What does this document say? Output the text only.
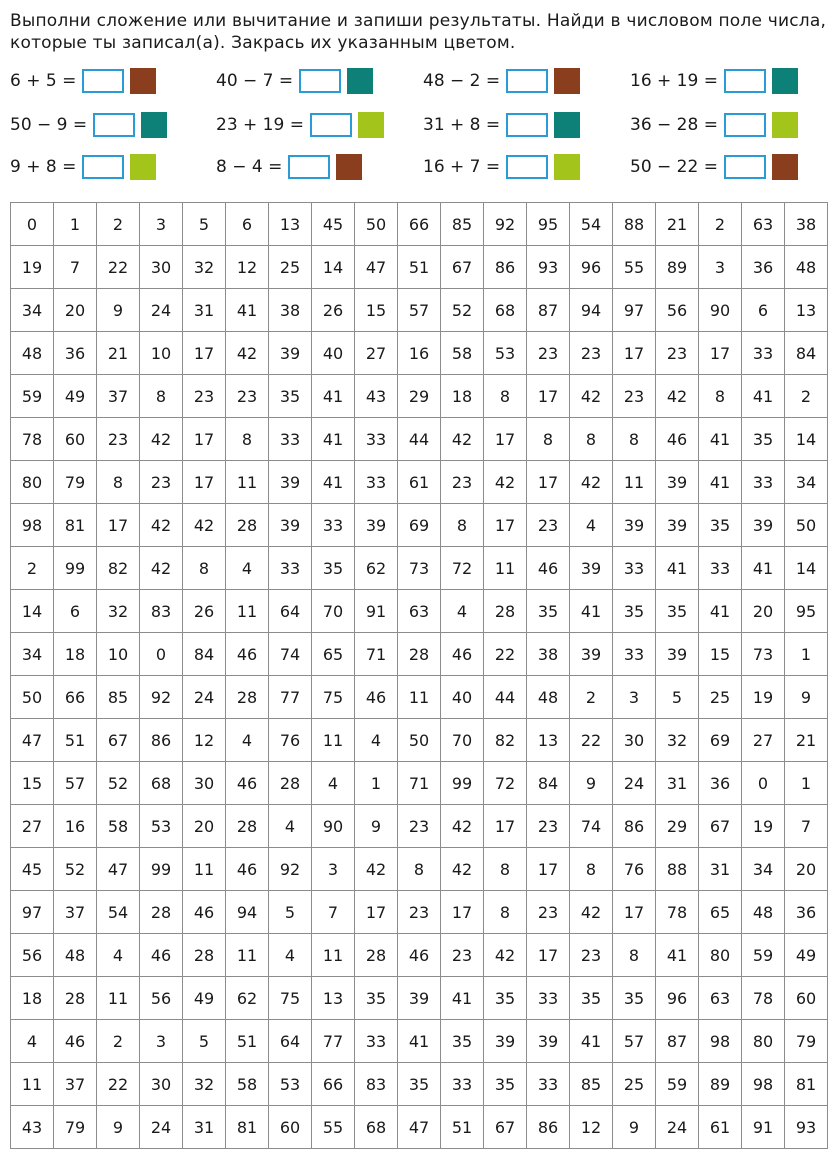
Выполни сложение или вычитание и запиши результаты. Найди в числовом поле числа, которые ты записал(а). Закрась их указанным цветом.
6 + 5 =	40 − 7 =	48 − 2 =	16 + 19 =
50 − 9 =	23 + 19 =	31 + 8 =	36 − 28 =
9 + 8 =	8 − 4 =	16 + 7 =	50 − 22 =
0	1	2	3	5	6	13	45	50	66	85	92	95	54	88	21	2	63	38
19	7	22	30	32	12	25	14	47	51	67	86	93	96	55	89	3	36	48
34	20	9	24	31	41	38	26	15	57	52	68	87	94	97	56	90	6	13
48	36	21	10	17	42	39	40	27	16	58	53	23	23	17	23	17	33	84
59	49	37	8	23	23	35	41	43	29	18	8	17	42	23	42	8	41	2
78	60	23	42	17	8	33	41	33	44	42	17	8	8	8	46	41	35	14
80	79	8	23	17	11	39	41	33	61	23	42	17	42	11	39	41	33	34
98	81	17	42	42	28	39	33	39	69	8	17	23	4	39	39	35	39	50
2	99	82	42	8	4	33	35	62	73	72	11	46	39	33	41	33	41	14
14	6	32	83	26	11	64	70	91	63	4	28	35	41	35	35	41	20	95
34	18	10	0	84	46	74	65	71	28	46	22	38	39	33	39	15	73	1
50	66	85	92	24	28	77	75	46	11	40	44	48	2	3	5	25	19	9
47	51	67	86	12	4	76	11	4	50	70	82	13	22	30	32	69	27	21
15	57	52	68	30	46	28	4	1	71	99	72	84	9	24	31	36	0	1
27	16	58	53	20	28	4	90	9	23	42	17	23	74	86	29	67	19	7
45	52	47	99	11	46	92	3	42	8	42	8	17	8	76	88	31	34	20
97	37	54	28	46	94	5	7	17	23	17	8	23	42	17	78	65	48	36
56	48	4	46	28	11	4	11	28	46	23	42	17	23	8	41	80	59	49
18	28	11	56	49	62	75	13	35	39	41	35	33	35	35	96	63	78	60
4	46	2	3	5	51	64	77	33	41	35	39	39	41	57	87	98	80	79
11	37	22	30	32	58	53	66	83	35	33	35	33	85	25	59	89	98	81
43	79	9	24	31	81	60	55	68	47	51	67	86	12	9	24	61	91	93
